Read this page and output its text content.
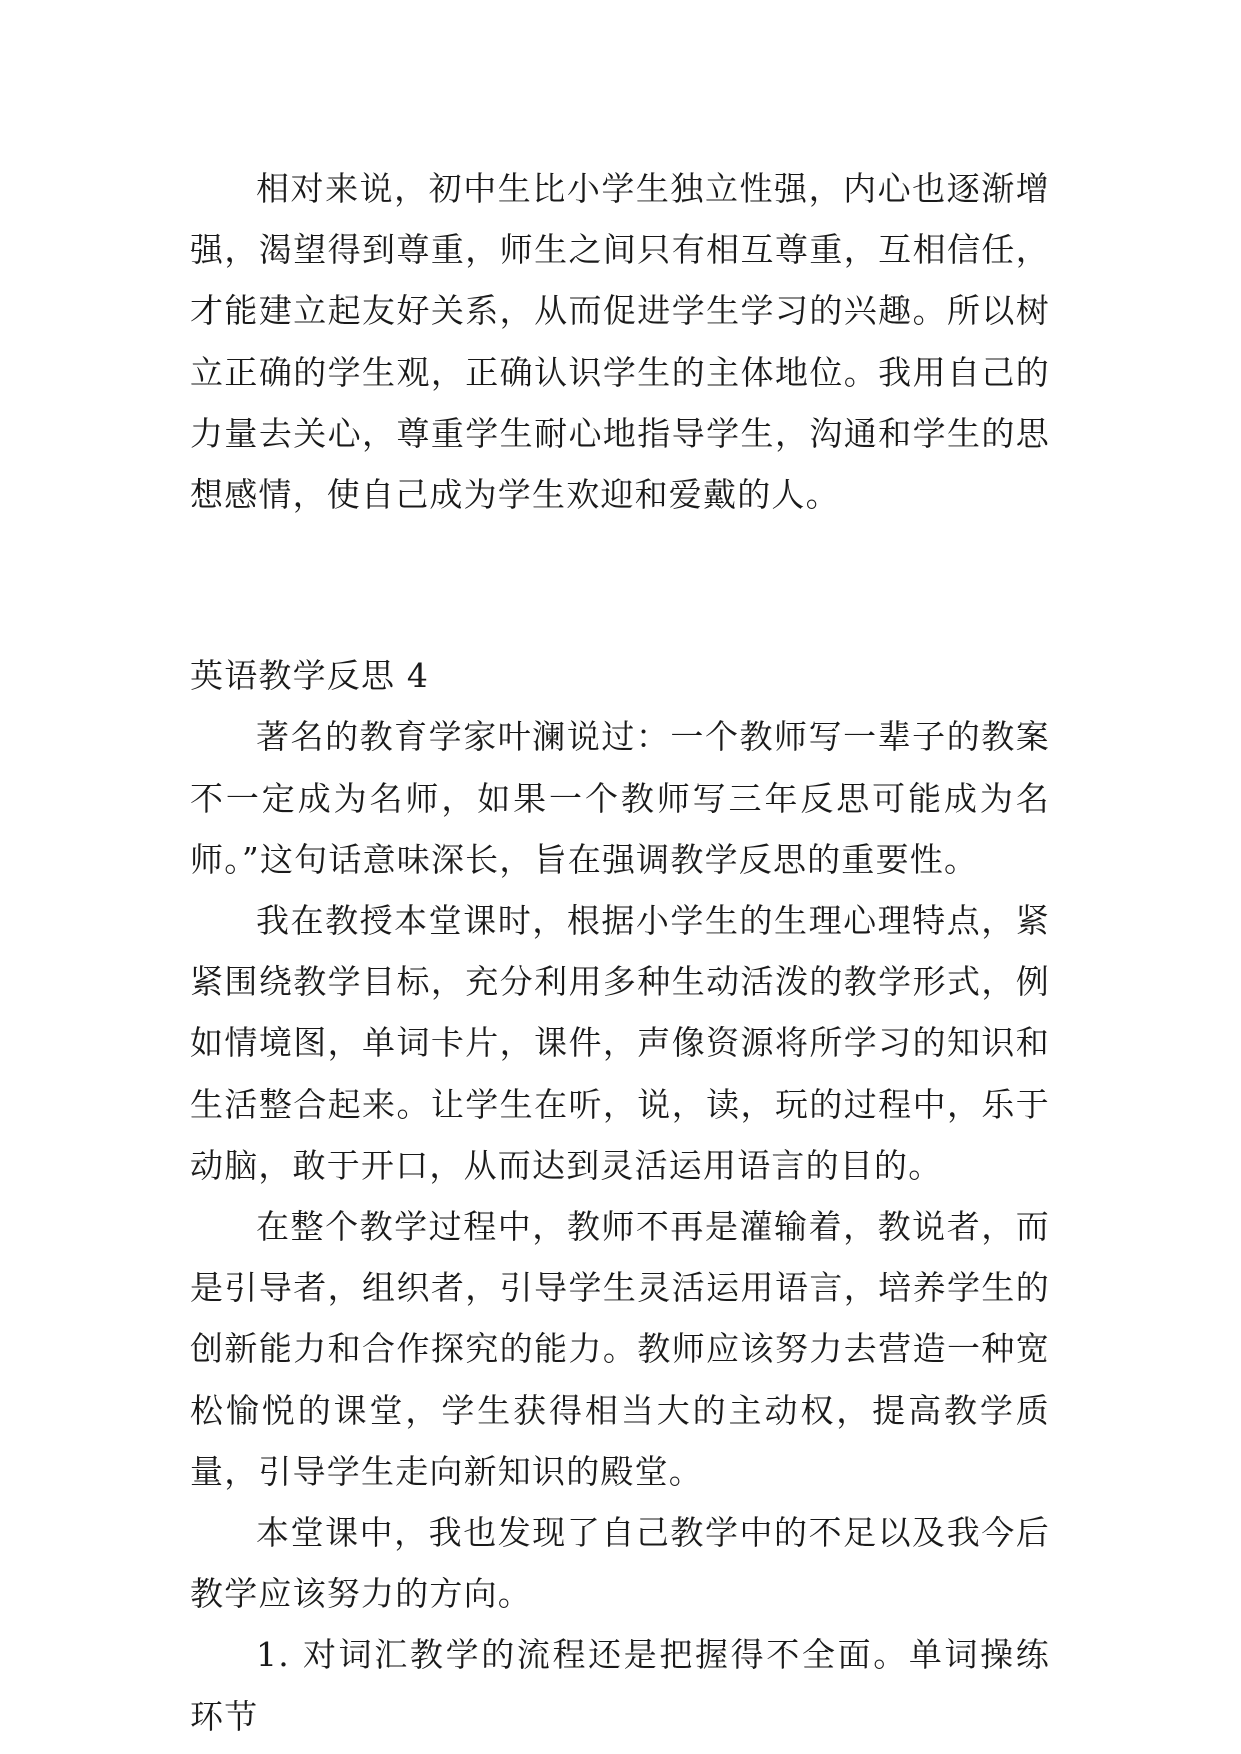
相对来说，初中生比小学生独立性强，内心也逐渐增强，渴望得到尊重，师生之间只有相互尊重，互相信任，才能建立起友好关系，从而促进学生学习的兴趣。所以树立正确的学生观，正确认识学生的主体地位。我用自己的力量去关心，尊重学生耐心地指导学生，沟通和学生的思想感情，使自己成为学生欢迎和爱戴的人。

英语教学反思 4

著名的教育学家叶澜说过：一个教师写一辈子的教案不一定成为名师，如果一个教师写三年反思可能成为名师。”这句话意味深长，旨在强调教学反思的重要性。

我在教授本堂课时，根据小学生的生理心理特点，紧紧围绕教学目标，充分利用多种生动活泼的教学形式，例如情境图，单词卡片，课件，声像资源将所学习的知识和生活整合起来。让学生在听，说，读，玩的过程中，乐于动脑，敢于开口，从而达到灵活运用语言的目的。

在整个教学过程中，教师不再是灌输着，教说者，而是引导者，组织者，引导学生灵活运用语言，培养学生的创新能力和合作探究的能力。教师应该努力去营造一种宽松愉悦的课堂，学生获得相当大的主动权，提高教学质量，引导学生走向新知识的殿堂。

本堂课中，我也发现了自己教学中的不足以及我今后教学应该努力的方向。

1. 对词汇教学的流程还是把握得不全面。单词操练环节
